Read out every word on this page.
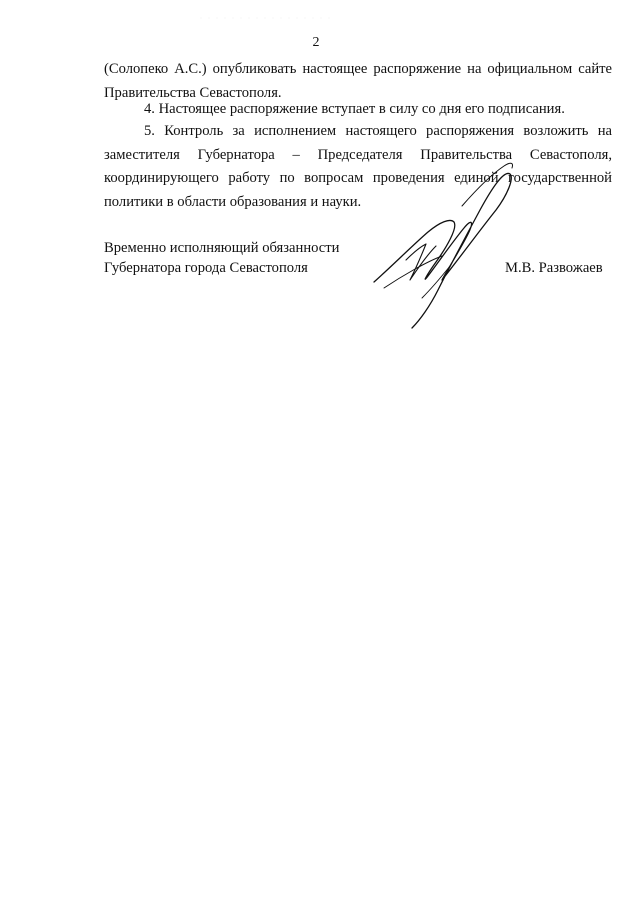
2

(Солопеко А.С.) опубликовать настоящее распоряжение на официальном сайте Правительства Севастополя.

4. Настоящее распоряжение вступает в силу со дня его подписания.

5. Контроль за исполнением настоящего распоряжения возложить на заместителя Губернатора – Председателя Правительства Севастополя, координирующего работу по вопросам проведения единой государственной политики в области образования и науки.

Временно исполняющий обязанности
Губернатора города Севастополя	М.В. Развожаев
